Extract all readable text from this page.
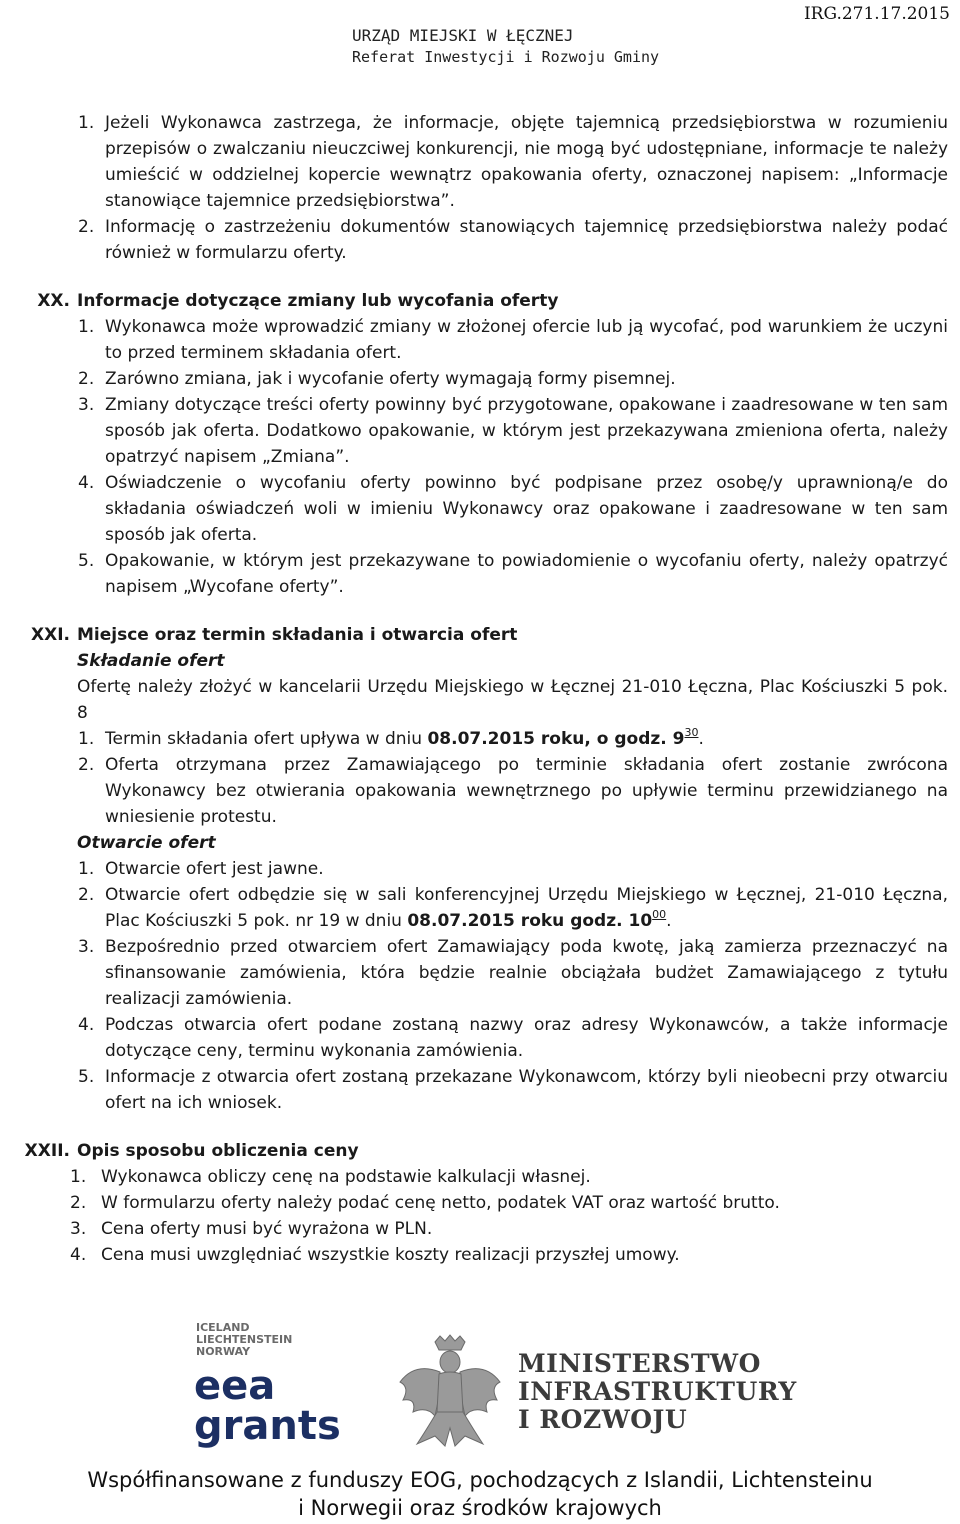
IRG.271.17.2015
URZĄD MIEJSKI W ŁĘCZNEJ
Referat Inwestycji i Rozwoju Gminy
1. Jeżeli Wykonawca zastrzega, że informacje, objęte tajemnicą przedsiębiorstwa w rozumieniu przepisów o zwalczaniu nieuczciwej konkurencji, nie mogą być udostępniane, informacje te należy umieścić w oddzielnej kopercie wewnątrz opakowania oferty, oznaczonej napisem: „Informacje stanowiące tajemnice przedsiębiorstwa”.
2. Informację o zastrzeżeniu dokumentów stanowiących tajemnicę przedsiębiorstwa należy podać również w formularzu oferty.
XX. Informacje dotyczące zmiany lub wycofania oferty
1. Wykonawca może wprowadzić zmiany w złożonej ofercie lub ją wycofać, pod warunkiem że uczyni to przed terminem składania ofert.
2. Zarówno zmiana, jak i wycofanie oferty wymagają formy pisemnej.
3. Zmiany dotyczące treści oferty powinny być przygotowane, opakowane i zaadresowane w ten sam sposób jak oferta. Dodatkowo opakowanie, w którym jest przekazywana zmieniona oferta, należy opatrzyć napisem „Zmiana”.
4. Oświadczenie o wycofaniu oferty powinno być podpisane przez osobę/y uprawnioną/e do składania oświadczeń woli w imieniu Wykonawcy oraz opakowane i zaadresowane w ten sam sposób jak oferta.
5. Opakowanie, w którym jest przekazywane to powiadomienie o wycofaniu oferty, należy opatrzyć napisem „Wycofane oferty”.
XXI. Miejsce oraz termin składania i otwarcia ofert
Składanie ofert
Ofertę należy złożyć w kancelarii Urzędu Miejskiego w Łęcznej 21-010 Łęczna, Plac Kościuszki 5 pok. 8
1. Termin składania ofert upływa w dniu 08.07.2015 roku, o godz. $9^{30}$.
2. Oferta otrzymana przez Zamawiającego po terminie składania ofert zostanie zwrócona Wykonawcy bez otwierania opakowania wewnętrznego po upływie terminu przewidzianego na wniesienie protestu.
Otwarcie ofert
1. Otwarcie ofert jest jawne.
2. Otwarcie ofert odbędzie się w sali konferencyjnej Urzędu Miejskiego w Łęcznej, 21-010 Łęczna, Plac Kościuszki 5 pok. nr 19 w dniu 08.07.2015 roku godz. $10^{00}$.
3. Bezpośrednio przed otwarciem ofert Zamawiający poda kwotę, jaką zamierza przeznaczyć na sfinansowanie zamówienia, która będzie realnie obciążała budżet Zamawiającego z tytułu realizacji zamówienia.
4. Podczas otwarcia ofert podane zostaną nazwy oraz adresy Wykonawców, a także informacje dotyczące ceny, terminu wykonania zamówienia.
5. Informacje z otwarcia ofert zostaną przekazane Wykonawcom, którzy byli nieobecni przy otwarciu ofert na ich wniosek.
XXII. Opis sposobu obliczenia ceny
1. Wykonawca obliczy cenę na podstawie kalkulacji własnej.
2. W formularzu oferty należy podać cenę netto, podatek VAT oraz wartość brutto.
3. Cena oferty musi być wyrażona w PLN.
4. Cena musi uwzględniać wszystkie koszty realizacji przyszłej umowy.
ICELAND
LIECHTENSTEIN
NORWAY
eea
grants
MINISTERSTWO
INFRASTRUKTURY
I ROZWOJU
Współfinansowane z funduszy EOG, pochodzących z Islandii, Lichtensteinu
i Norwegii oraz środków krajowych
